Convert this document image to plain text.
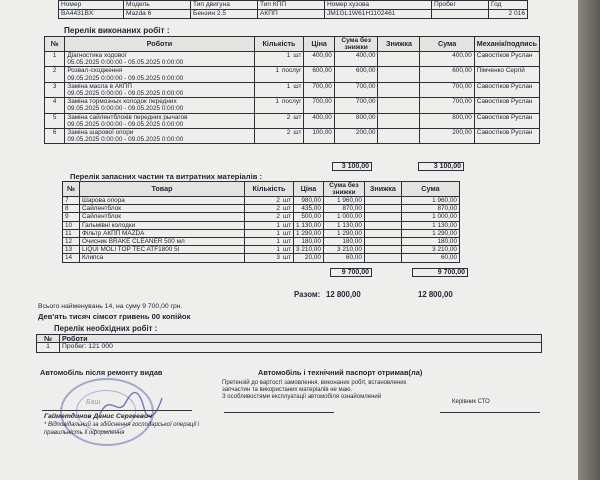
Номер	Модель	Тип двигуна	Тип КПП	Номер кузова	Пробег	Год
BA4431BX	Mazda 6	Бензин 2.5	АКПП	JM1GL1W61H1102461		2 016
Перелік виконаних робіт :
№	Роботи	Кількість	Ціна	Сума без знижки	Знижка	Сума	Механік/подпись
1	Діагностика ходової
05.05.2025 0:00:00 - 05.05.2025 0:00:00	1 шт	400,00	400,00		400,00	Савостіков Руслан
2	Розвал-сходження
09.05.2025 0:00:00 - 09.05.2025 0:00:00	1 послуг	600,00	600,00		600,00	Пімченко Сергій
3	Заміна масла в АКПП
09.05.2025 0:00:00 - 09.05.2025 0:00:00	1 шт	700,00	700,00		700,00	Савостіков Руслан
4	Заміна тормозных колодок передних
09.05.2025 0:00:00 - 09.05.2025 0:00:00	1 послуг	700,00	700,00		700,00	Савостіков Руслан
5	Заміна сайлентблоків передних рычагов
09.05.2025 0:00:00 - 09.05.2025 0:00:00	2 шт	400,00	800,00		800,00	Савостіков Руслан
6	Заміна шарової опори
09.05.2025 0:00:00 - 09.05.2025 0:00:00	2 шт	100,00	200,00		200,00	Савостіков Руслан
3 100,00		3 100,00
Перелік запасних частин та витратних матеріалів :
№	Товар	Кількість	Ціна	Сума без знижки	Знижка	Сума
7	Шарова опора	2 шт	980,00	1 960,00		1 960,00
8	Сайлентблок	2 шт	435,00	870,00		870,00
9	Сайлентблок	2 шт	500,00	1 000,00		1 000,00
10	Гальмівні колодки	1 шт	1 130,00	1 130,00		1 130,00
11	Фільтр АКПП MAZDA	1 шт	1 290,00	1 290,00		1 290,00
12	Очисник BRAKE CLEANER 500 мл	1 шт	180,00	180,00		180,00
13	LIQUI MOLI TOP TEC ATF1800 5l	1 шт	3 210,00	3 210,00		3 210,00
14	Клипса	3 шт	20,00	60,00		60,00
9 700,00		9 700,00
Разом: 12 800,00	12 800,00
Всього найменувань 14, на суму 9 700,00 грн.
Дев'ять тисяч сімсот гривень 00 копійок
Перелік необхідних робіт :
№	Роботи
1	Пробег: 121 000
Автомобіль після ремонту видав	Автомобіль і технічний паспорт отримав(ла)
Претензій до вартості замовлення, виконаних робіт, встановлених
запчастин та використаних матеріалів не маю.
З особливостями експлуатації автомобіля ознайомлений
Керівник СТО
Баш
Гайметдинов Денис Сергеевич
* Відповідальний за здійснення господарської операції і
правильність її оформлення
